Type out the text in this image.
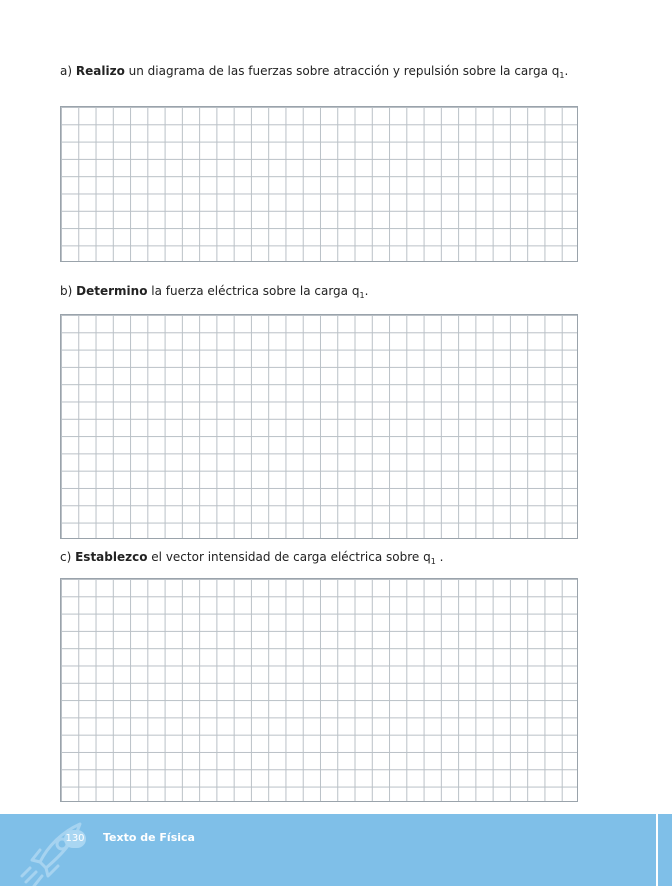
a) Realizo un diagrama de las fuerzas sobre atracción y repulsión sobre la carga $q_1$.

b) Determino la fuerza eléctrica sobre la carga $q_1$.

c) Establezco el vector intensidad de carga eléctrica sobre $q_1$ .

130 Texto de Física
